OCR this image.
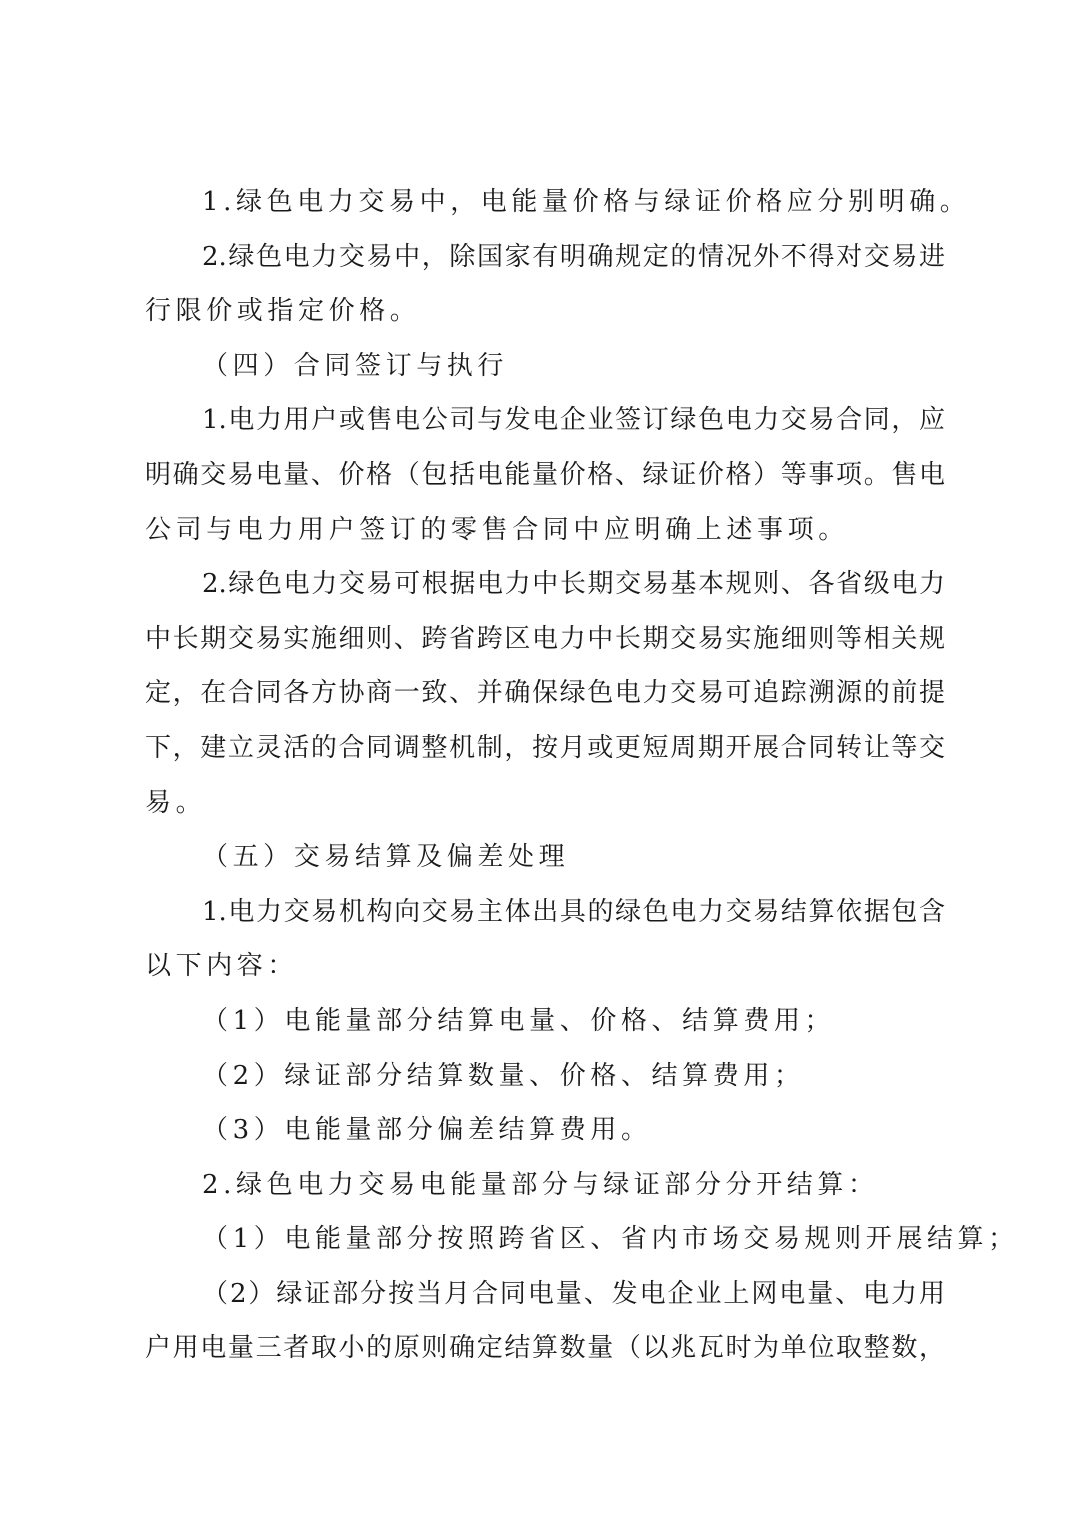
1.绿色电力交易中，电能量价格与绿证价格应分别明确。
2.绿色电力交易中，除国家有明确规定的情况外不得对交易进
行限价或指定价格。
（四）合同签订与执行
1.电力用户或售电公司与发电企业签订绿色电力交易合同，应
明确交易电量、价格（包括电能量价格、绿证价格）等事项。售电
公司与电力用户签订的零售合同中应明确上述事项。
2.绿色电力交易可根据电力中长期交易基本规则、各省级电力
中长期交易实施细则、跨省跨区电力中长期交易实施细则等相关规
定，在合同各方协商一致、并确保绿色电力交易可追踪溯源的前提
下，建立灵活的合同调整机制，按月或更短周期开展合同转让等交
易。
（五）交易结算及偏差处理
1.电力交易机构向交易主体出具的绿色电力交易结算依据包含
以下内容：
（1）电能量部分结算电量、价格、结算费用；
（2）绿证部分结算数量、价格、结算费用；
（3）电能量部分偏差结算费用。
2.绿色电力交易电能量部分与绿证部分分开结算：
（1）电能量部分按照跨省区、省内市场交易规则开展结算；
（2）绿证部分按当月合同电量、发电企业上网电量、电力用
户用电量三者取小的原则确定结算数量（以兆瓦时为单位取整数，
